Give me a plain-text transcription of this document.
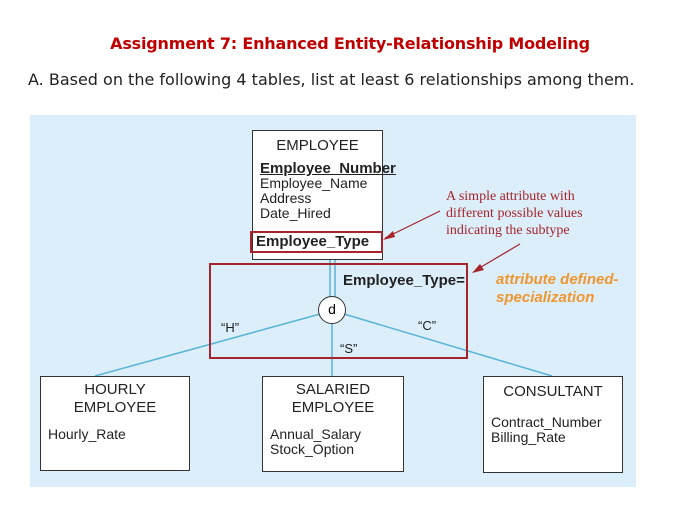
Assignment 7: Enhanced Entity-Relationship Modeling
A. Based on the following 4 tables, list at least 6 relationships among them.
EMPLOYEE
Employee_Number
Employee_Name
Address
Date_Hired
Employee_Type
Employee_Type=
d
“H”
“S”
“C”
A simple attribute with
different possible values
indicating the subtype
attribute defined-
specialization
HOURLY
EMPLOYEE
Hourly_Rate
SALARIED
EMPLOYEE
Annual_Salary
Stock_Option
CONSULTANT
Contract_Number
Billing_Rate
